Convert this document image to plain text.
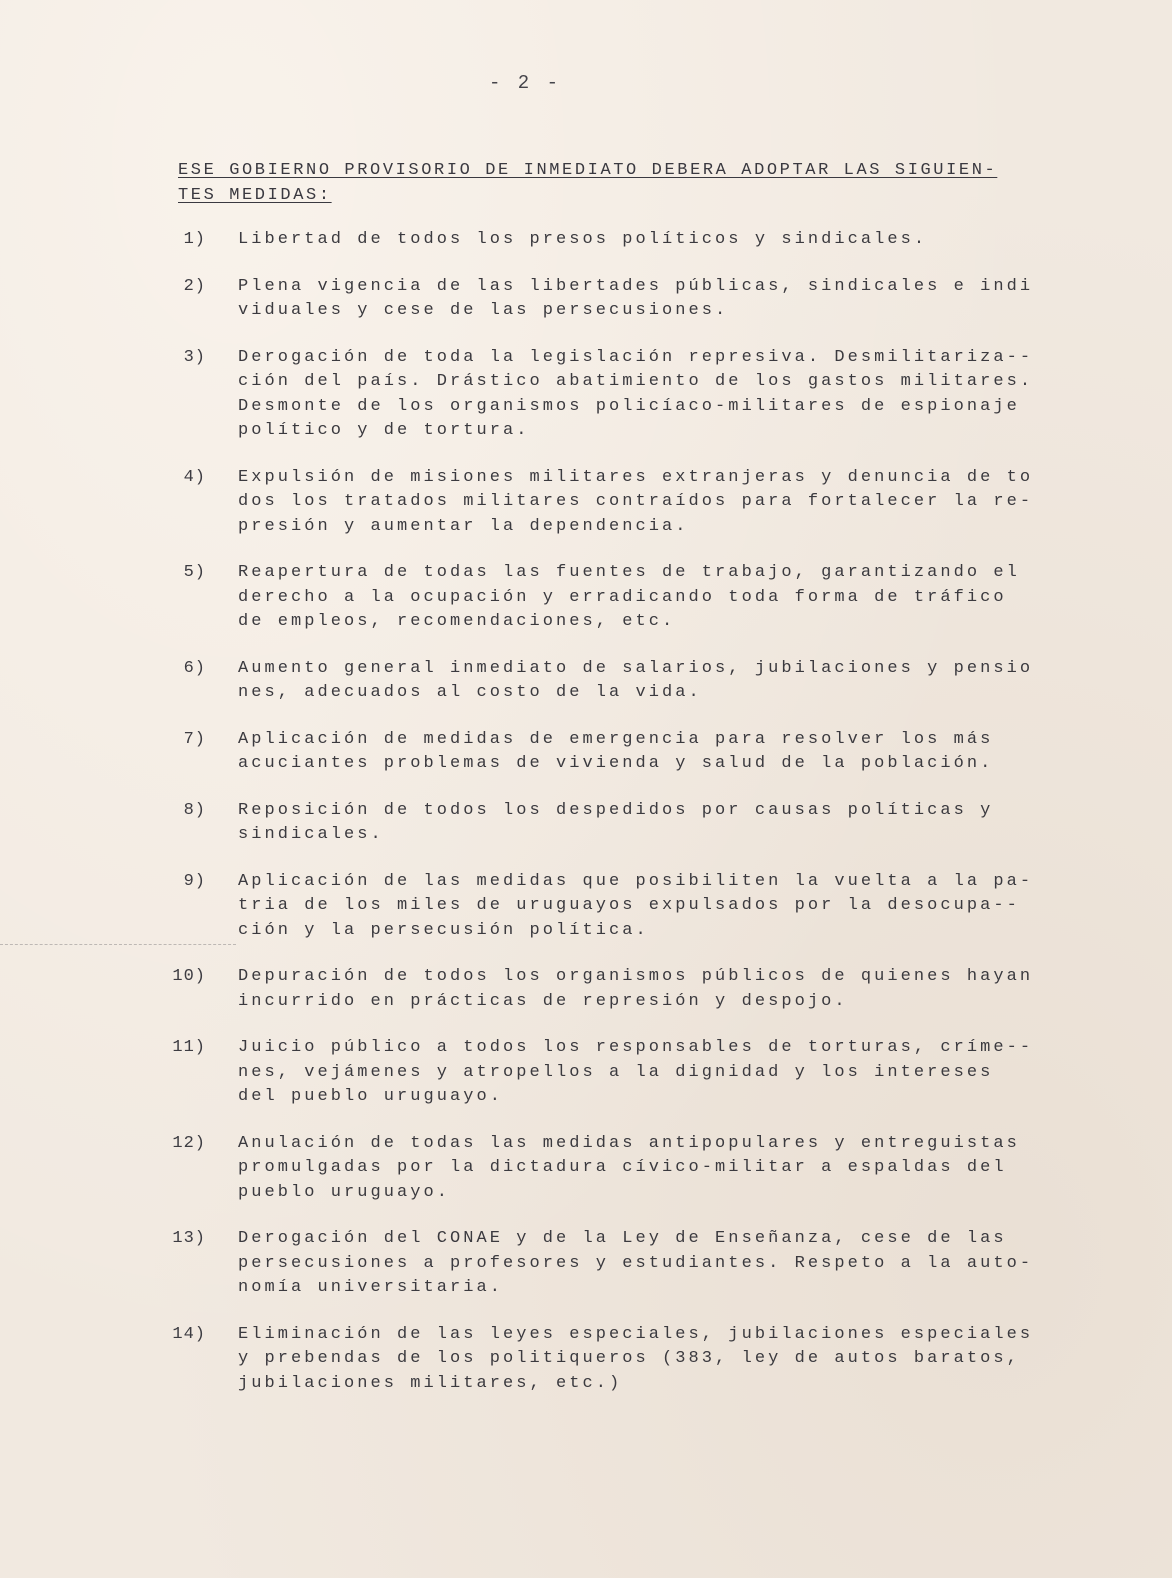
- 2 -
ESE GOBIERNO PROVISORIO DE INMEDIATO DEBERA ADOPTAR LAS SIGUIEN-
TES MEDIDAS:
1) Libertad de todos los presos políticos y sindicales.
2) Plena vigencia de las libertades públicas, sindicales e indi
viduales y cese de las persecusiones.
3) Derogación de toda la legislación represiva. Desmilitariza--
ción del país. Drástico abatimiento de los gastos militares.
Desmonte de los organismos policíaco-militares de espionaje
político y de tortura.
4) Expulsión de misiones militares extranjeras y denuncia de to
dos los tratados militares contraídos para fortalecer la re-
presión y aumentar la dependencia.
5) Reapertura de todas las fuentes de trabajo, garantizando el
derecho a la ocupación y erradicando toda forma de tráfico
de empleos, recomendaciones, etc.
6) Aumento general inmediato de salarios, jubilaciones y pensio
nes, adecuados al costo de la vida.
7) Aplicación de medidas de emergencia para resolver los más
acuciantes problemas de vivienda y salud de la población.
8) Reposición de todos los despedidos por causas políticas y
sindicales.
9) Aplicación de las medidas que posibiliten la vuelta a la pa-
tria de los miles de uruguayos expulsados por la desocupa--
ción y la persecusión política.
10) Depuración de todos los organismos públicos de quienes hayan
incurrido en prácticas de represión y despojo.
11) Juicio público a todos los responsables de torturas, críme--
nes, vejámenes y atropellos a la dignidad y los intereses
del pueblo uruguayo.
12) Anulación de todas las medidas antipopulares y entreguistas
promulgadas por la dictadura cívico-militar a espaldas del
pueblo uruguayo.
13) Derogación del CONAE y de la Ley de Enseñanza, cese de las
persecusiones a profesores y estudiantes. Respeto a la auto-
nomía universitaria.
14) Eliminación de las leyes especiales, jubilaciones especiales
y prebendas de los politiqueros (383, ley de autos baratos,
jubilaciones militares, etc.)
